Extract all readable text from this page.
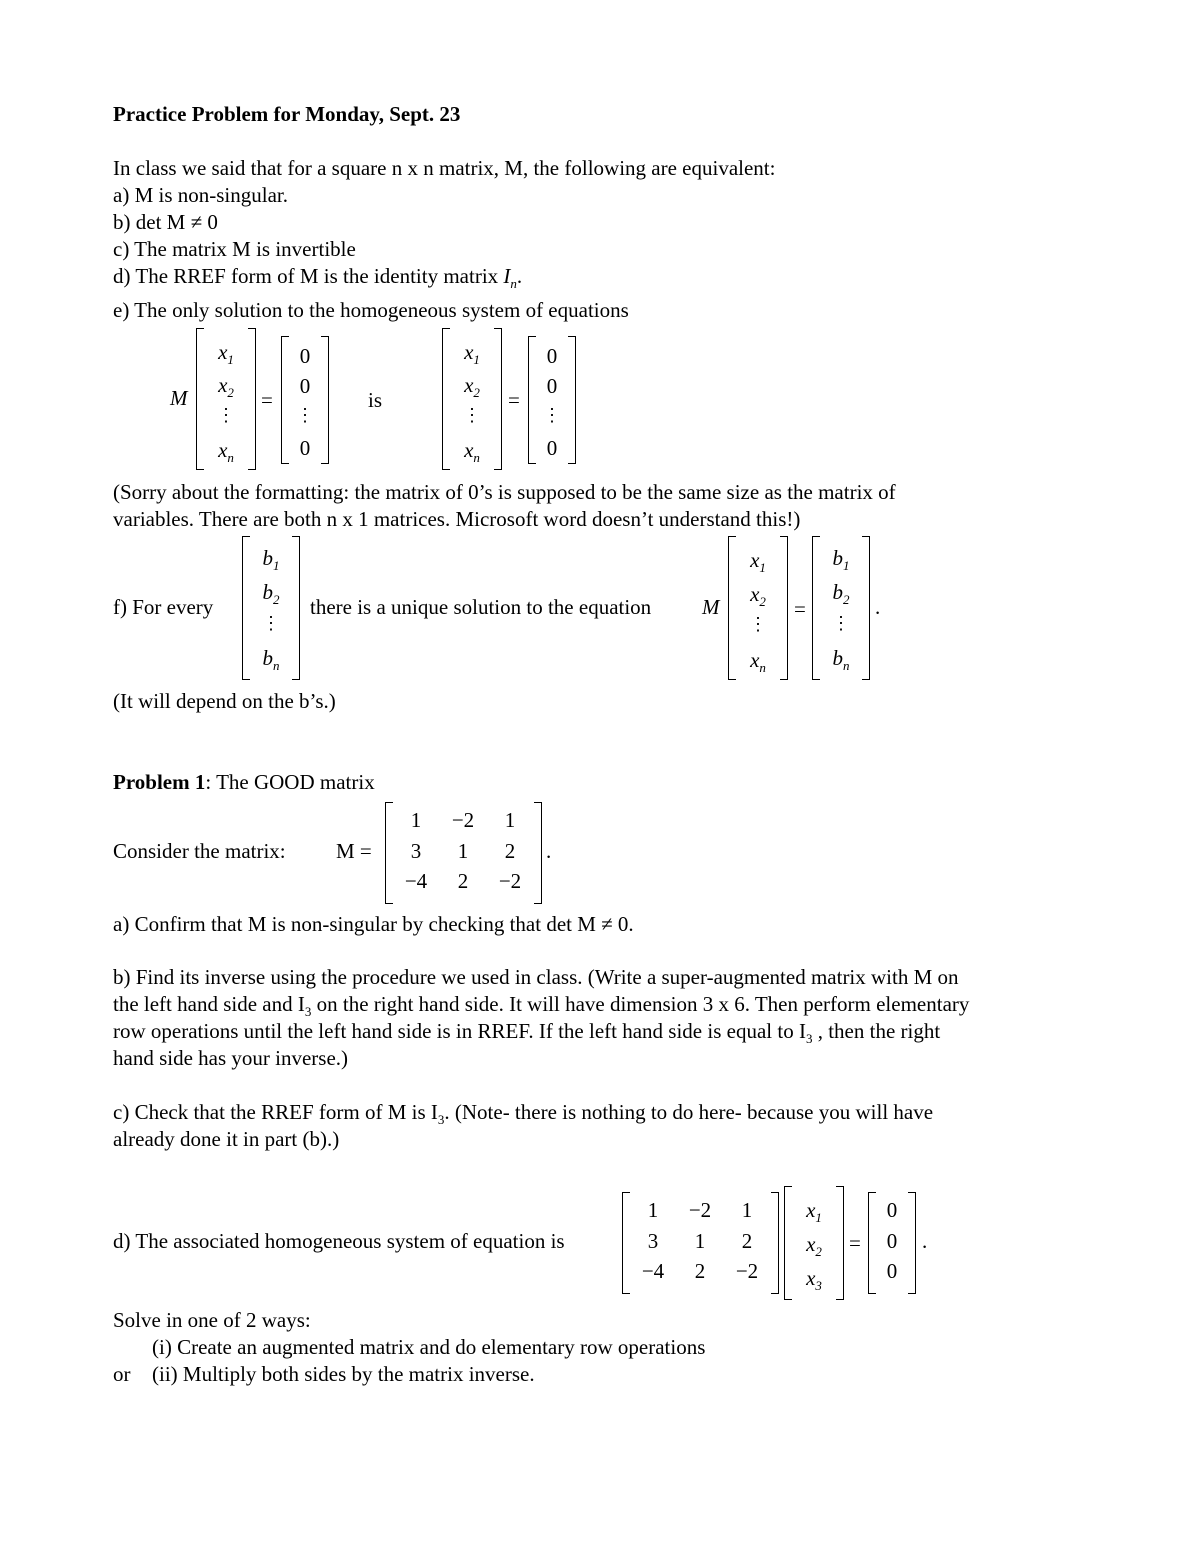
Practice Problem for Monday, Sept. 23
In class we said that for a square n x n matrix, M, the following are equivalent:
a) M is non-singular.
b) det M ≠ 0
c) The matrix M is invertible
d) The RREF form of M is the identity matrix $I_n$.
e) The only solution to the homogeneous system of equations
M
$x_1$
$x_2$
⋮
$x_n$
=
0
0
⋮
0
is
$x_1$
$x_2$
⋮
$x_n$
=
0
0
⋮
0
(Sorry about the formatting: the matrix of 0’s is supposed to be the same size as the matrix of
variables. There are both n x 1 matrices. Microsoft word doesn’t understand this!)
f) For every
$b_1$
$b_2$
⋮
$b_n$
there is a unique solution to the equation M
$x_1$
$x_2$
⋮
$x_n$
=
$b_1$
$b_2$
⋮
$b_n$
.
(It will depend on the b’s.)
Problem 1: The GOOD matrix
Consider the matrix: M =
1	−2	1
3	1	2
−4	2	−2
.
a) Confirm that M is non-singular by checking that det M ≠ 0.
b) Find its inverse using the procedure we used in class. (Write a super-augmented matrix with M on
the left hand side and $I_3$ on the right hand side. It will have dimension 3 x 6. Then perform elementary
row operations until the left hand side is in RREF. If the left hand side is equal to $I_3$ , then the right
hand side has your inverse.)
c) Check that the RREF form of M is $I_3$. (Note- there is nothing to do here- because you will have
already done it in part (b).)
d) The associated homogeneous system of equation is
1	−2	1
3	1	2
−4	2	−2
$x_1$
$x_2$
$x_3$
=
0
0
0
.
Solve in one of 2 ways:
(i) Create an augmented matrix and do elementary row operations
or (ii) Multiply both sides by the matrix inverse.
